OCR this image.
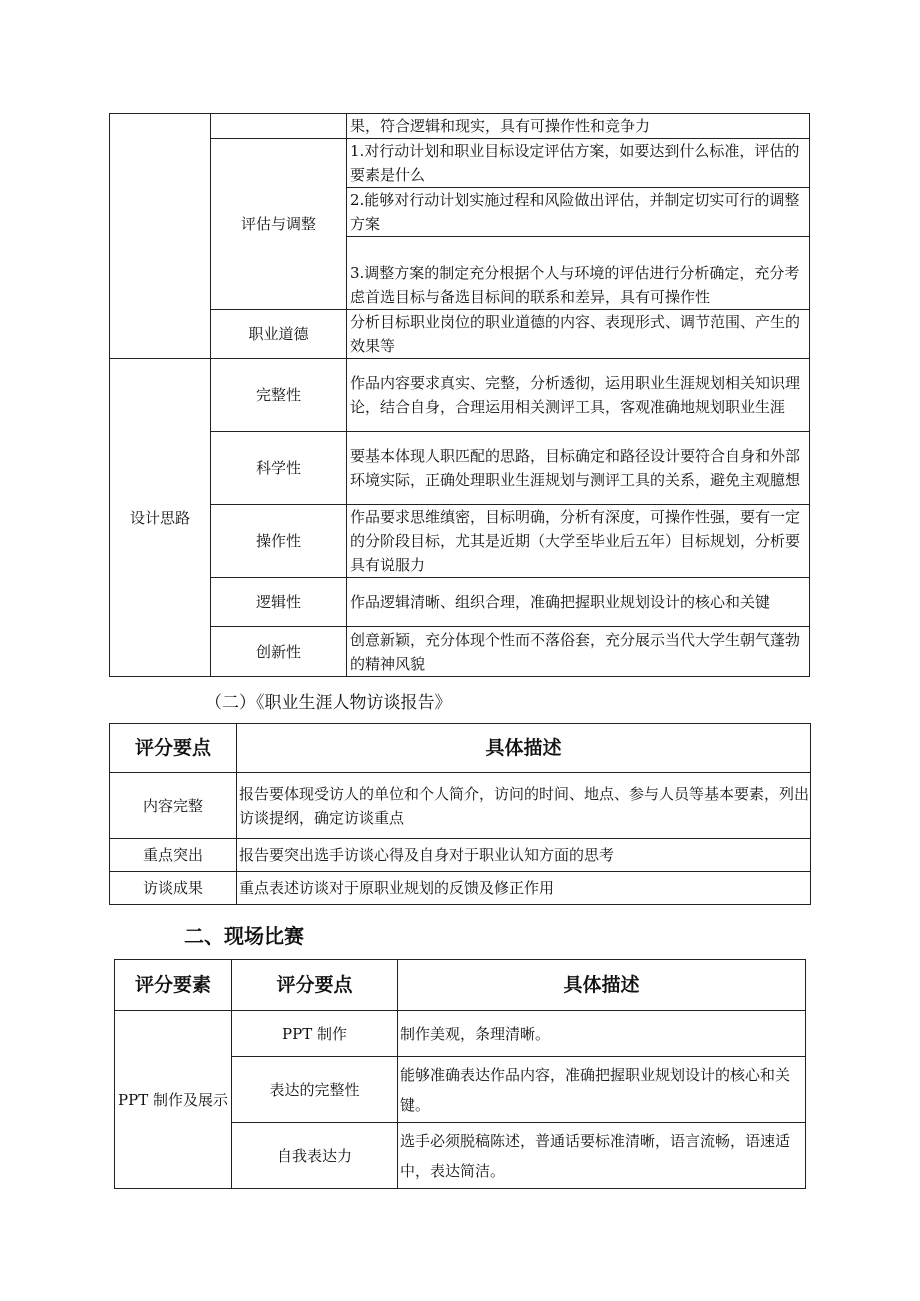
		果，符合逻辑和现实，具有可操作性和竞争力
	评估与调整	1.对行动计划和职业目标设定评估方案，如要达到什么标准，评估的要素是什么
		2.能够对行动计划实施过程和风险做出评估，并制定切实可行的调整方案
		3.调整方案的制定充分根据个人与环境的评估进行分析确定，充分考虑首选目标与备选目标间的联系和差异，具有可操作性
	职业道德	分析目标职业岗位的职业道德的内容、表现形式、调节范围、产生的效果等
设计思路	完整性	作品内容要求真实、完整，分析透彻，运用职业生涯规划相关知识理论，结合自身，合理运用相关测评工具，客观准确地规划职业生涯
	科学性	要基本体现人职匹配的思路，目标确定和路径设计要符合自身和外部环境实际，正确处理职业生涯规划与测评工具的关系，避免主观臆想
	操作性	作品要求思维缜密，目标明确，分析有深度，可操作性强，要有一定的分阶段目标，尤其是近期（大学至毕业后五年）目标规划，分析要具有说服力
	逻辑性	作品逻辑清晰、组织合理，准确把握职业规划设计的核心和关键
	创新性	创意新颖，充分体现个性而不落俗套，充分展示当代大学生朝气蓬勃的精神风貌
（二）《职业生涯人物访谈报告》
评分要点	具体描述
内容完整	报告要体现受访人的单位和个人简介，访问的时间、地点、参与人员等基本要素，列出访谈提纲，确定访谈重点
重点突出	报告要突出选手访谈心得及自身对于职业认知方面的思考
访谈成果	重点表述访谈对于原职业规划的反馈及修正作用
二、现场比赛
评分要素	评分要点	具体描述
PPT 制作及展示	PPT 制作	制作美观，条理清晰。
	表达的完整性	能够准确表达作品内容，准确把握职业规划设计的核心和关键。
	自我表达力	选手必须脱稿陈述，普通话要标准清晰，语言流畅，语速适中，表达简洁。
